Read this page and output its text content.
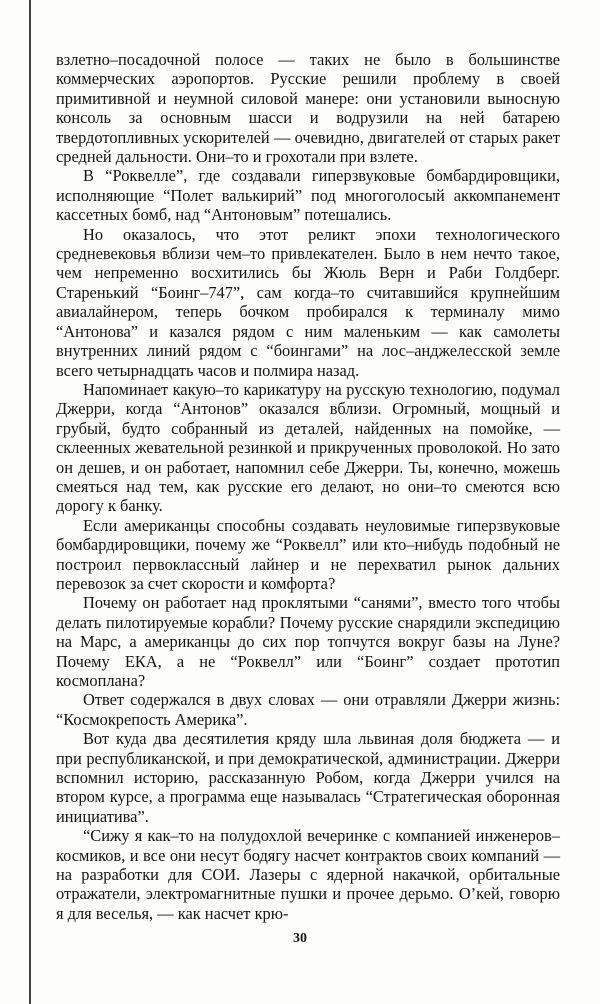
взлетно–посадочной полосе — таких не было в большинстве коммерческих аэропортов. Русские решили проблему в своей примитивной и неумной силовой манере: они установили выносную консоль за основным шасси и водрузили на ней батарею твердотопливных ускорителей — очевидно, двигателей от старых ракет средней дальности. Они–то и грохотали при взлете.

В “Роквелле”, где создавали гиперзвуковые бомбардировщики, исполняющие “Полет валькирий” под многоголосый аккомпанемент кассетных бомб, над “Антоновым” потешались.

Но оказалось, что этот реликт эпохи технологического средневековья вблизи чем–то привлекателен. Было в нем нечто такое, чем непременно восхитились бы Жюль Верн и Раби Голдберг. Старенький “Боинг–747”, сам когда–то считавшийся крупнейшим авиалайнером, теперь бочком пробирался к терминалу мимо “Антонова” и казался рядом с ним маленьким — как самолеты внутренних линий рядом с “боингами” на лос–анджелесской земле всего четырнадцать часов и полмира назад.

Напоминает какую–то карикатуру на русскую технологию, подумал Джерри, когда “Антонов” оказался вблизи. Огромный, мощный и грубый, будто собранный из деталей, найденных на помойке, — склеенных жевательной резинкой и прикрученных проволокой. Но зато он дешев, и он работает, напомнил себе Джерри. Ты, конечно, можешь смеяться над тем, как русские его делают, но они–то смеются всю дорогу к банку.

Если американцы способны создавать неуловимые гиперзвуковые бомбардировщики, почему же “Роквелл” или кто–нибудь подобный не построил первоклассный лайнер и не перехватил рынок дальних перевозок за счет скорости и комфорта?

Почему он работает над проклятыми “санями”, вместо того чтобы делать пилотируемые корабли? Почему русские снарядили экспедицию на Марс, а американцы до сих пор топчутся вокруг базы на Луне? Почему ЕКА, а не “Роквелл” или “Боинг” создает прототип космоплана?

Ответ содержался в двух словах — они отравляли Джерри жизнь: “Космокрепость Америка”.

Вот куда два десятилетия кряду шла львиная доля бюджета — и при республиканской, и при демократической, администрации. Джерри вспомнил историю, рассказанную Робом, когда Джерри учился на втором курсе, а программа еще называлась “Стратегическая оборонная инициатива”.

“Сижу я как–то на полудохлой вечеринке с компанией инженеров–космиков, и все они несут бодягу насчет контрактов своих компаний — на разработки для СОИ. Лазеры с ядерной накачкой, орбитальные отражатели, электромагнитные пушки и прочее дерьмо. О’кей, говорю я для веселья, — как насчет крю-

30
